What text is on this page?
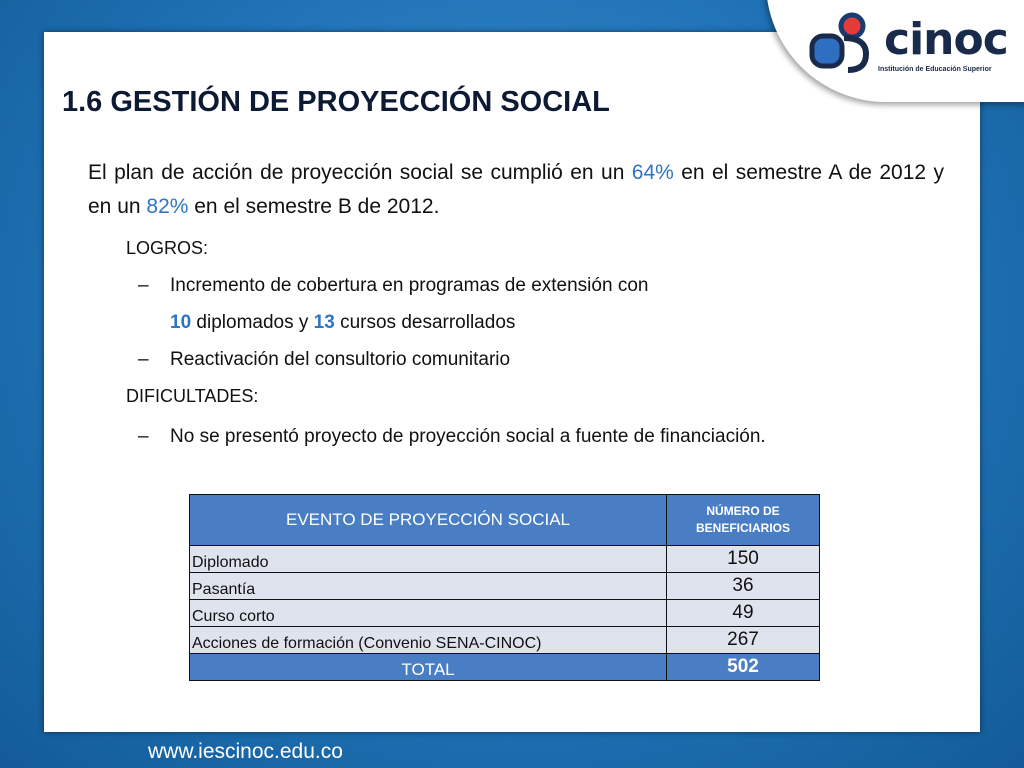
cinoc
Institución de Educación Superior
1.6 GESTIÓN DE PROYECCIÓN SOCIAL
El plan de acción de proyección social se cumplió en un 64% en el semestre A de 2012 y en un 82% en el semestre B de 2012.
LOGROS:
– Incremento de cobertura en programas de extensión con
10 diplomados y 13 cursos desarrollados
– Reactivación del consultorio comunitario
DIFICULTADES:
– No se presentó proyecto de proyección social a fuente de financiación.
EVENTO DE PROYECCIÓN SOCIAL	NÚMERO DE BENEFICIARIOS
Diplomado	150
Pasantía	36
Curso corto	49
Acciones de formación (Convenio SENA-CINOC)	267
TOTAL	502
www.iescinoc.edu.co
